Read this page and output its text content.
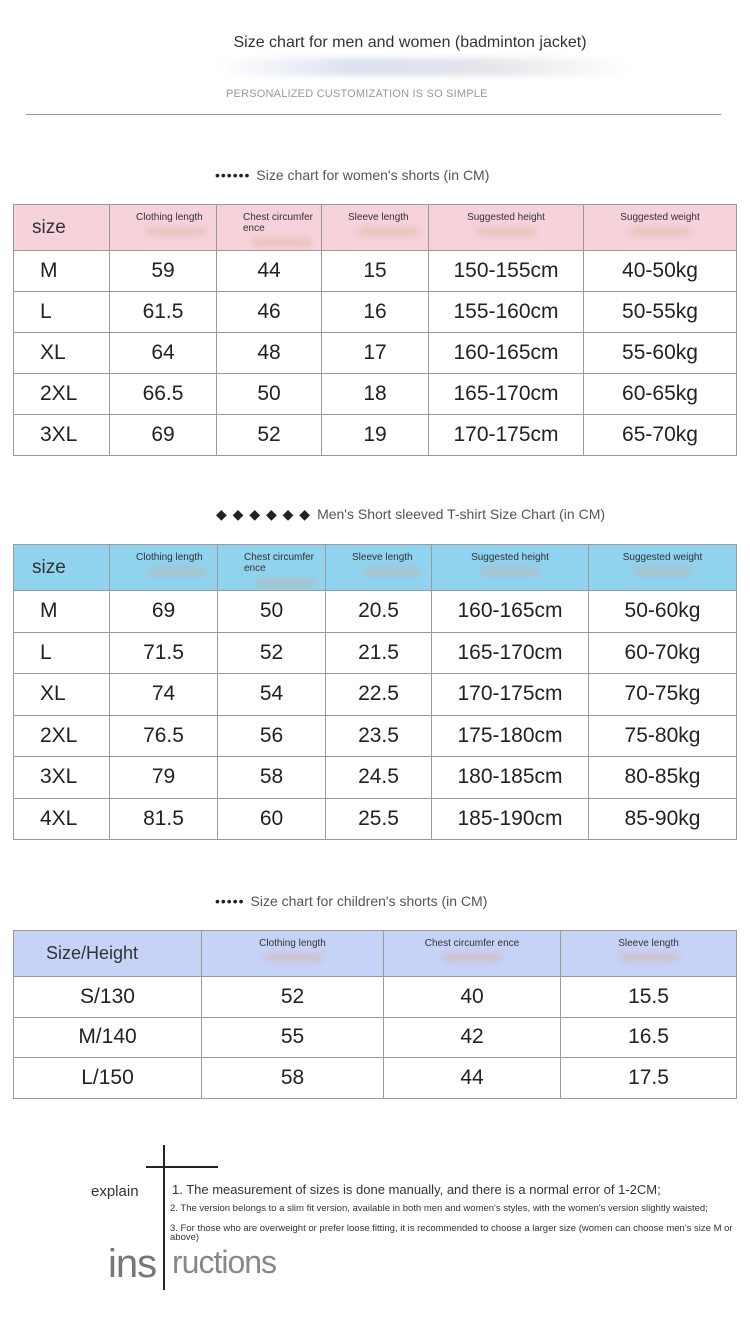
Size chart for men and women (badminton jacket)
PERSONALIZED CUSTOMIZATION IS SO SIMPLE
•••••• Size chart for women's shorts (in CM)
size	Clothing length	Chest circumfer ence	Sleeve length	Suggested height	Suggested weight

M	59	44	15	150-155cm	40-50kg
L	61.5	46	16	155-160cm	50-55kg
XL	64	48	17	160-165cm	55-60kg
2XL	66.5	50	18	165-170cm	60-65kg
3XL	69	52	19	170-175cm	65-70kg
◆ ◆ ◆ ◆ ◆ ◆ Men's Short sleeved T-shirt Size Chart (in CM)
size	Clothing length	Chest circumfer ence	Sleeve length	Suggested height	Suggested weight

M	69	50	20.5	160-165cm	50-60kg
L	71.5	52	21.5	165-170cm	60-70kg
XL	74	54	22.5	170-175cm	70-75kg
2XL	76.5	56	23.5	175-180cm	75-80kg
3XL	79	58	24.5	180-185cm	80-85kg
4XL	81.5	60	25.5	185-190cm	85-90kg
••••• Size chart for children's shorts (in CM)
Size/Height	Clothing length	Chest circumfer ence	Sleeve length

S/130	52	40	15.5
M/140	55	42	16.5
L/150	58	44	17.5
explain	1. The measurement of sizes is done manually, and there is a normal error of 1-2CM;
2. The version belongs to a slim fit version, available in both men and women's styles, with the women's version slightly waisted;
3. For those who are overweight or prefer loose fitting, it is recommended to choose a larger size (women can choose men's size M or above)
ins ructions
